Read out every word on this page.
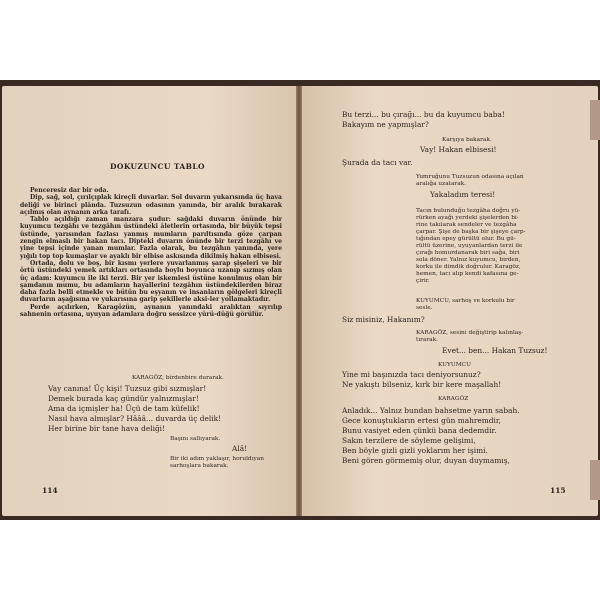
DOKUZUNCU TABLO

Penceresiz dar bir oda.

Dip, sağ, sol, çırılçıplak kireçli duvarlar. Sol duvarın yukarısında üç hava deliği ve birinci plânda. Tuzsuzun odasının yanında, bir aralık bırakarak açılmış olan aynanın arka tarafı.

Tablo açıldığı zaman manzara şudur: sağdaki duvarın önünde bir kuyumcu tezgâhı ve tezgâhın üstündeki âletlerin ortasında, bir büyük tepsi üstünde, yarısından fazlası yanmış mumların parıltısında göze çarpan zengin elmaslı bir hakan tacı. Dipteki duvarın önünde bir terzi tezgâhı ve yine tepsi içinde yanan mumlar. Fazla olarak, bu tezgâhın yanında, yere yığılı top top kumaşlar ve ayaklı bir elbise askısında dikilmiş hakan elbisesi.

Ortada, dolu ve boş, bir kısmı yerlere yuvarlanmış şarap şişeleri ve bir örtü üstündeki yemek artıkları ortasında boylu boyunca uzanıp sızmış olan üç adam: kuyumcu ile iki terzi. Bir yer iskemlesi üstüne konulmuş olan bir şamdanın mumu, bu adamların hayallerini tezgâhın üstündekilerden biraz daha fazla belli etmekle ve bütün bu eşyanın ve insanların gölgeleri kireçli duvarların aşağısına ve yukarısına garip şekillerle aksi-ler yollamaktadır.

Perde açılırken, Karagözün, aynanın yanındaki aralıktan sıyrılıp sahnenin ortasına, uyuyan adamlara doğru sessizce yürü-düğü görülür.

KARAGÖZ, birdenbire durarak.
Vay canına! Üç kişi! Tuzsuz gibi sızmışlar!
Demek burada kaç gündür yalnızmışlar!
Ama da içmişler ha! Üçü de tam küfelik!
Nasıl hava almışlar? Hâââ... duvarda üç delik!
Her birine bir tane hava deliği!
Başını sallıyarak.
Alâ!
Bir iki adım yaklaşır, horuldıyan
sarhoşlara bakarak.
114
Bu terzi... bu çırağı... bu da kuyumcu baba!
Bakayım ne yapmışlar?
Karşıya bakarak.
Vay! Hakan elbisesi!
Şurada da tacı var.
Yumruğunu Tuzsuzun odasına açılan
aralığa uzatarak.
Yakaladım teresi!
Tacın bulunduğu tezgâha doğru yü-
rürken ayağı yerdeki şişelerden bi-
rine takılarak sendeler ve tezgâha
çarpar. Şişe de başka bir şişeye çarp-
tığından epey gürültü olur. Bu gü-
rültü üzerine, uyuyanlardan terzi ile
çırağı homurdanarak biri sağa, biri
sola döner. Yalnız kuyumcu, birden,
korku ile dimdik doğrulur. Karagöz,
hemen, tacı alıp kendi kafasına ge-
çirir.
KUYUMCU, sarhoş ve korkulu bir
sesle.
Siz misiniz, Hakanım?
KARAGÖZ, sesini değiştirip kalınlaş-
tırarak.
Evet... ben... Hakan Tuzsuz!
KUYUMCU
Yine mi başınızda tacı deniyorsunuz?
Ne yakıştı bilseniz, kırk bir kere maşallah!
KARAGÖZ
Anladık... Yalnız bundan bahsetme yarın sabah.
Gece konuştukların ertesi gün mahremdir,
Bunu vasiyet eden çünkü bana dedemdir.
Sakın terzilere de söyleme gelişimi,
Ben böyle gizli gizli yoklarım her işimi.
Beni gören görmemiş olur, duyan duymamış,
115
